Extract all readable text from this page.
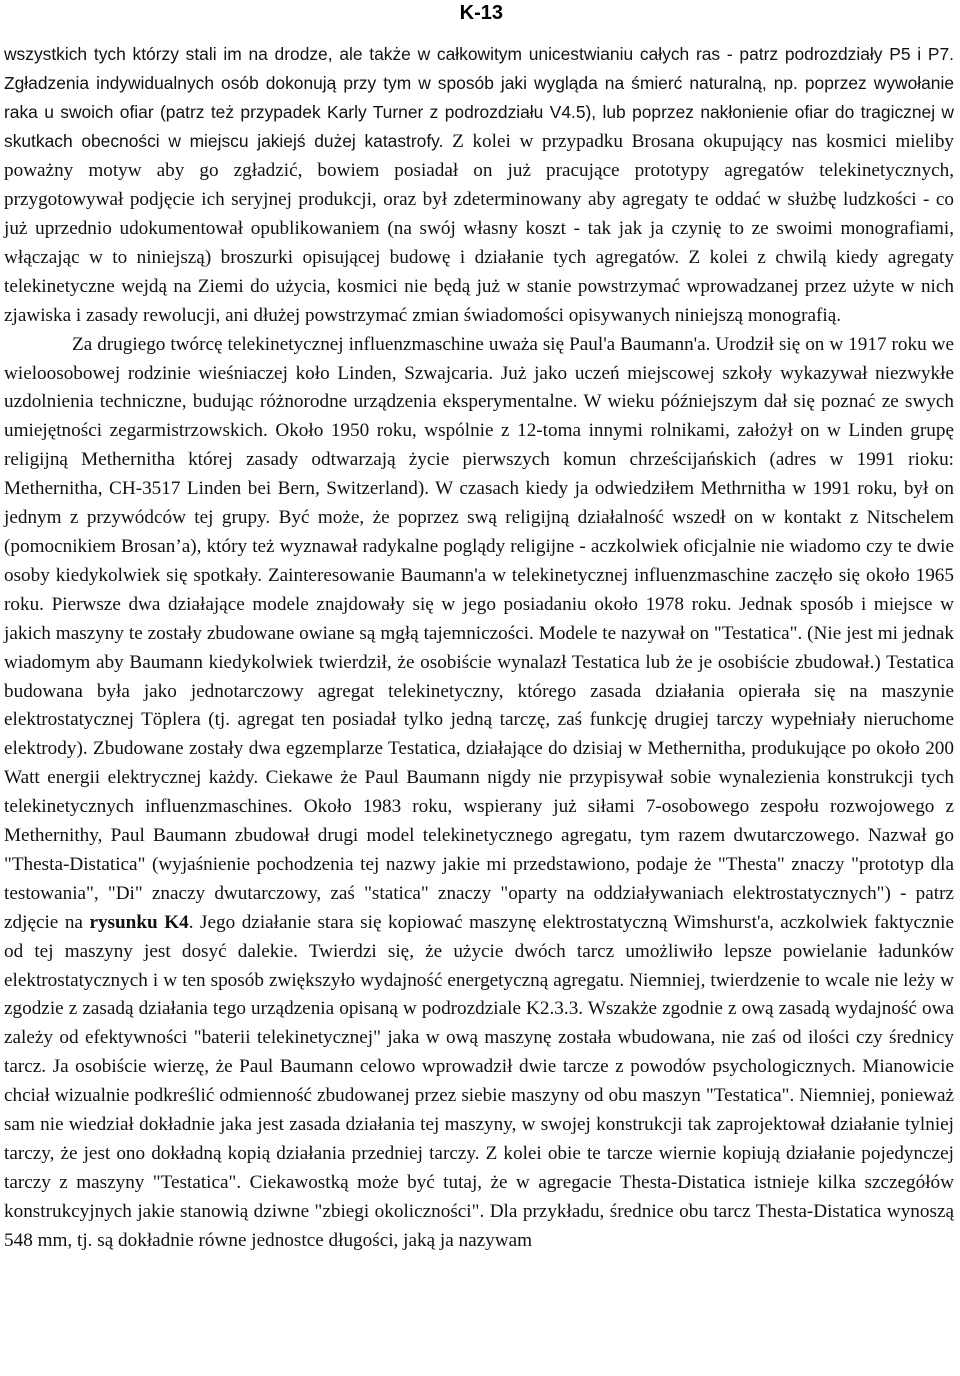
K-13

wszystkich tych którzy stali im na drodze, ale także w całkowitym unicestwianiu całych ras - patrz podrozdziały P5 i P7. Zgładzenia indywidualnych osób dokonują przy tym w sposób jaki wygląda na śmierć naturalną, np. poprzez wywołanie raka u swoich ofiar (patrz też przypadek Karly Turner z podrozdziału V4.5), lub poprzez nakłonienie ofiar do tragicznej w skutkach obecności w miejscu jakiejś dużej katastrofy. Z kolei w przypadku Brosana okupujący nas kosmici mieliby poważny motyw aby go zgładzić, bowiem posiadał on już pracujące prototypy agregatów telekinetycznych, przygotowywał podjęcie ich seryjnej produkcji, oraz był zdeterminowany aby agregaty te oddać w służbę ludzkości - co już uprzednio udokumentował opublikowaniem (na swój własny koszt - tak jak ja czynię to ze swoimi monografiami, włączając w to niniejszą) broszurki opisującej budowę i działanie tych agregatów. Z kolei z chwilą kiedy agregaty telekinetyczne wejdą na Ziemi do użycia, kosmici nie będą już w stanie powstrzymać wprowadzanej przez użyte w nich zjawiska i zasady rewolucji, ani dłużej powstrzymać zmian świadomości opisywanych niniejszą monografią.

Za drugiego twórcę telekinetycznej influenzmaschine uważa się Paul'a Baumann'a. Urodził się on w 1917 roku we wieloosobowej rodzinie wieśniaczej koło Linden, Szwajcaria. Już jako uczeń miejscowej szkoły wykazywał niezwykłe uzdolnienia techniczne, budując różnorodne urządzenia eksperymentalne. W wieku późniejszym dał się poznać ze swych umiejętności zegarmistrzowskich. Około 1950 roku, wspólnie z 12-toma innymi rolnikami, założył on w Linden grupę religijną Methernitha której zasady odtwarzają życie pierwszych komun chrześcijańskich (adres w 1991 rioku: Methernitha, CH-3517 Linden bei Bern, Switzerland). W czasach kiedy ja odwiedziłem Methrnitha w 1991 roku, był on jednym z przywódców tej grupy. Być może, że poprzez swą religijną działalność wszedł on w kontakt z Nitschelem (pomocnikiem Brosan’a), który też wyznawał radykalne poglądy religijne - aczkolwiek oficjalnie nie wiadomo czy te dwie osoby kiedykolwiek się spotkały. Zainteresowanie Baumann'a w telekinetycznej influenzmaschine zaczęło się około 1965 roku. Pierwsze dwa działające modele znajdowały się w jego posiadaniu około 1978 roku. Jednak sposób i miejsce w jakich maszyny te zostały zbudowane owiane są mgłą tajemniczości. Modele te nazywał on "Testatica". (Nie jest mi jednak wiadomym aby Baumann kiedykolwiek twierdził, że osobiście wynalazł Testatica lub że je osobiście zbudował.) Testatica budowana była jako jednotarczowy agregat telekinetyczny, którego zasada działania opierała się na maszynie elektrostatycznej Töplera (tj. agregat ten posiadał tylko jedną tarczę, zaś funkcję drugiej tarczy wypełniały nieruchome elektrody). Zbudowane zostały dwa egzemplarze Testatica, działające do dzisiaj w Methernitha, produkujące po około 200 Watt energii elektrycznej każdy. Ciekawe że Paul Baumann nigdy nie przypisywał sobie wynalezienia konstrukcji tych telekinetycznych influenzmaschines. Około 1983 roku, wspierany już siłami 7-osobowego zespołu rozwojowego z Methernithy, Paul Baumann zbudował drugi model telekinetycznego agregatu, tym razem dwutarczowego. Nazwał go "Thesta-Distatica" (wyjaśnienie pochodzenia tej nazwy jakie mi przedstawiono, podaje że "Thesta" znaczy "prototyp dla testowania", "Di" znaczy dwutarczowy, zaś "statica" znaczy "oparty na oddziaływaniach elektrostatycznych") - patrz zdjęcie na rysunku K4. Jego działanie stara się kopiować maszynę elektrostatyczną Wimshurst'a, aczkolwiek faktycznie od tej maszyny jest dosyć dalekie. Twierdzi się, że użycie dwóch tarcz umożliwiło lepsze powielanie ładunków elektrostatycznych i w ten sposób zwiększyło wydajność energetyczną agregatu. Niemniej, twierdzenie to wcale nie leży w zgodzie z zasadą działania tego urządzenia opisaną w podrozdziale K2.3.3. Wszakże zgodnie z ową zasadą wydajność owa zależy od efektywności "baterii telekinetycznej" jaka w ową maszynę została wbudowana, nie zaś od ilości czy średnicy tarcz. Ja osobiście wierzę, że Paul Baumann celowo wprowadził dwie tarcze z powodów psychologicznych. Mianowicie chciał wizualnie podkreślić odmienność zbudowanej przez siebie maszyny od obu maszyn "Testatica". Niemniej, ponieważ sam nie wiedział dokładnie jaka jest zasada działania tej maszyny, w swojej konstrukcji tak zaprojektował działanie tylniej tarczy, że jest ono dokładną kopią działania przedniej tarczy. Z kolei obie te tarcze wiernie kopiują działanie pojedynczej tarczy z maszyny "Testatica". Ciekawostką może być tutaj, że w agregacie Thesta-Distatica istnieje kilka szczegółów konstrukcyjnych jakie stanowią dziwne "zbiegi okoliczności". Dla przykładu, średnice obu tarcz Thesta-Distatica wynoszą 548 mm, tj. są dokładnie równe jednostce długości, jaką ja nazywam
